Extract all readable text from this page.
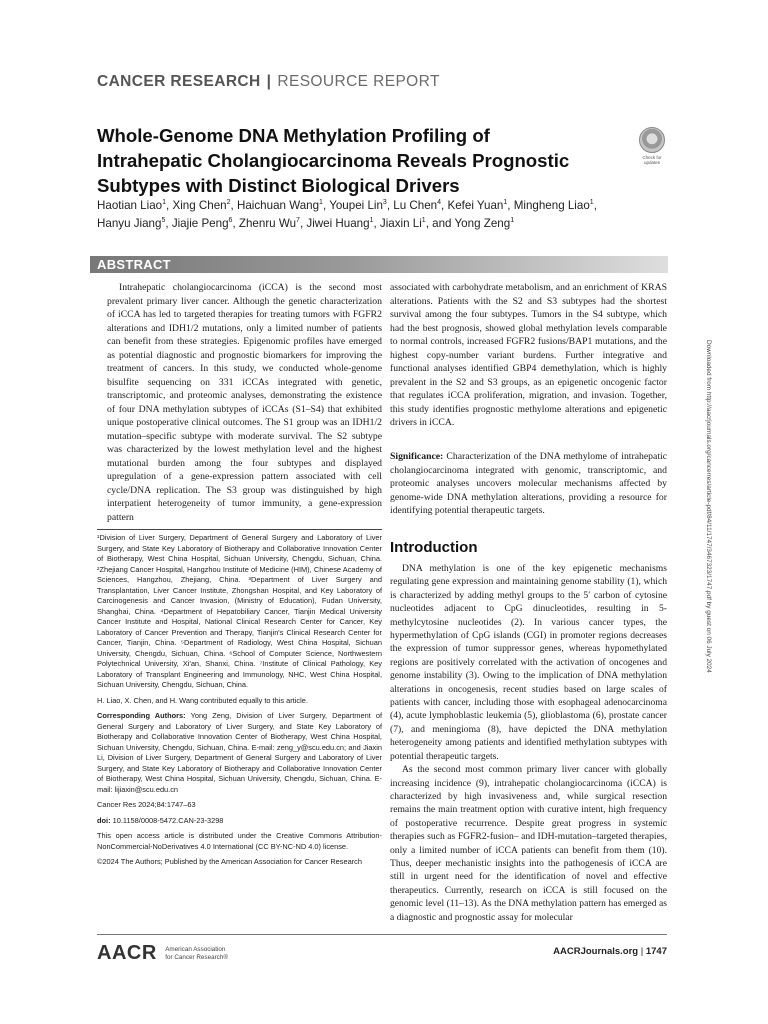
CANCER RESEARCH | RESOURCE REPORT
Whole-Genome DNA Methylation Profiling of Intrahepatic Cholangiocarcinoma Reveals Prognostic Subtypes with Distinct Biological Drivers
Check for
updates
Haotian Liao$^1$, Xing Chen$^2$, Haichuan Wang$^1$, Youpei Lin$^3$, Lu Chen$^4$, Kefei Yuan$^1$, Mingheng Liao$^1$, Hanyu Jiang$^5$, Jiajie Peng$^6$, Zhenru Wu$^7$, Jiwei Huang$^1$, Jiaxin Li$^1$, and Yong Zeng$^1$
ABSTRACT

Intrahepatic cholangiocarcinoma (iCCA) is the second most prevalent primary liver cancer. Although the genetic characterization of iCCA has led to targeted therapies for treating tumors with FGFR2 alterations and IDH1/2 mutations, only a limited number of patients can benefit from these strategies. Epigenomic profiles have emerged as potential diagnostic and prognostic biomarkers for improving the treatment of cancers. In this study, we conducted whole-genome bisulfite sequencing on 331 iCCAs integrated with genetic, transcriptomic, and proteomic analyses, demonstrating the existence of four DNA methylation subtypes of iCCAs (S1–S4) that exhibited unique postoperative clinical outcomes. The S1 group was an IDH1/2 mutation–specific subtype with moderate survival. The S2 subtype was characterized by the lowest methylation level and the highest mutational burden among the four subtypes and displayed upregulation of a gene-expression pattern associated with cell cycle/DNA replication. The S3 group was distinguished by high interpatient heterogeneity of tumor immunity, a gene-expression pattern

associated with carbohydrate metabolism, and an enrichment of KRAS alterations. Patients with the S2 and S3 subtypes had the shortest survival among the four subtypes. Tumors in the S4 subtype, which had the best prognosis, showed global methylation levels comparable to normal controls, increased FGFR2 fusions/BAP1 mutations, and the highest copy-number variant burdens. Further integrative and functional analyses identified GBP4 demethylation, which is highly prevalent in the S2 and S3 groups, as an epigenetic oncogenic factor that regulates iCCA proliferation, migration, and invasion. Together, this study identifies prognostic methylome alterations and epigenetic drivers in iCCA.

Significance: Characterization of the DNA methylome of intrahepatic cholangiocarcinoma integrated with genomic, transcriptomic, and proteomic analyses uncovers molecular mechanisms affected by genome-wide DNA methylation alterations, providing a resource for identifying potential therapeutic targets.

¹Division of Liver Surgery, Department of General Surgery and Laboratory of Liver Surgery, and State Key Laboratory of Biotherapy and Collaborative Innovation Center of Biotherapy, West China Hospital, Sichuan University, Chengdu, Sichuan, China. ²Zhejiang Cancer Hospital, Hangzhou Institute of Medicine (HIM), Chinese Academy of Sciences, Hangzhou, Zhejiang, China. ³Department of Liver Surgery and Transplantation, Liver Cancer Institute, Zhongshan Hospital, and Key Laboratory of Carcinogenesis and Cancer Invasion, (Ministry of Education), Fudan University, Shanghai, China. ⁴Department of Hepatobiliary Cancer, Tianjin Medical University Cancer Institute and Hospital, National Clinical Research Center for Cancer, Key Laboratory of Cancer Prevention and Therapy, Tianjin's Clinical Research Center for Cancer, Tianjin, China. ⁵Department of Radiology, West China Hospital, Sichuan University, Chengdu, Sichuan, China. ⁶School of Computer Science, Northwestern Polytechnical University, Xi'an, Shanxi, China. ⁷Institute of Clinical Pathology, Key Laboratory of Transplant Engineering and Immunology, NHC, West China Hospital, Sichuan University, Chengdu, Sichuan, China.

H. Liao, X. Chen, and H. Wang contributed equally to this article.

Corresponding Authors: Yong Zeng, Division of Liver Surgery, Department of General Surgery and Laboratory of Liver Surgery, and State Key Laboratory of Biotherapy and Collaborative Innovation Center of Biotherapy, West China Hospital, Sichuan University, Chengdu, Sichuan, China. E-mail: zeng_y@scu.edu.cn; and Jiaxin Li, Division of Liver Surgery, Department of General Surgery and Laboratory of Liver Surgery, and State Key Laboratory of Biotherapy and Collaborative Innovation Center of Biotherapy, West China Hospital, Sichuan University, Chengdu, Sichuan, China. E-mail: lijiaxin@scu.edu.cn

Cancer Res 2024;84:1747–63

doi: 10.1158/0008-5472.CAN-23-3298

This open access article is distributed under the Creative Commons Attribution-NonCommercial-NoDerivatives 4.0 International (CC BY-NC-ND 4.0) license.

©2024 The Authors; Published by the American Association for Cancer Research

Introduction

DNA methylation is one of the key epigenetic mechanisms regulating gene expression and maintaining genome stability (1), which is characterized by adding methyl groups to the 5′ carbon of cytosine nucleotides adjacent to CpG dinucleotides, resulting in 5-methylcytosine nucleotides (2). In various cancer types, the hypermethylation of CpG islands (CGI) in promoter regions decreases the expression of tumor suppressor genes, whereas hypomethylated regions are positively correlated with the activation of oncogenes and genome instability (3). Owing to the implication of DNA methylation alterations in oncogenesis, recent studies based on large scales of patients with cancer, including those with esophageal adenocarcinoma (4), acute lymphoblastic leukemia (5), glioblastoma (6), prostate cancer (7), and meningioma (8), have depicted the DNA methylation heterogeneity among patients and identified methylation subtypes with potential therapeutic targets.

As the second most common primary liver cancer with globally increasing incidence (9), intrahepatic cholangiocarcinoma (iCCA) is characterized by high invasiveness and, while surgical resection remains the main treatment option with curative intent, high frequency of postoperative recurrence. Despite great progress in systemic therapies such as FGFR2-fusion– and IDH-mutation–targeted therapies, only a limited number of iCCA patients can benefit from them (10). Thus, deeper mechanistic insights into the pathogenesis of iCCA are still in urgent need for the identification of novel and effective therapeutics. Currently, research on iCCA is still focused on the genomic level (11–13). As the DNA methylation pattern has emerged as a diagnostic and prognostic assay for molecular

Downloaded from http://aacrjournals.org/cancerres/article-pdf/84/11/1747/3467323/1747.pdf by guest on 06 July 2024
AACR American Association
for Cancer Research®	AACRJournals.org | 1747
